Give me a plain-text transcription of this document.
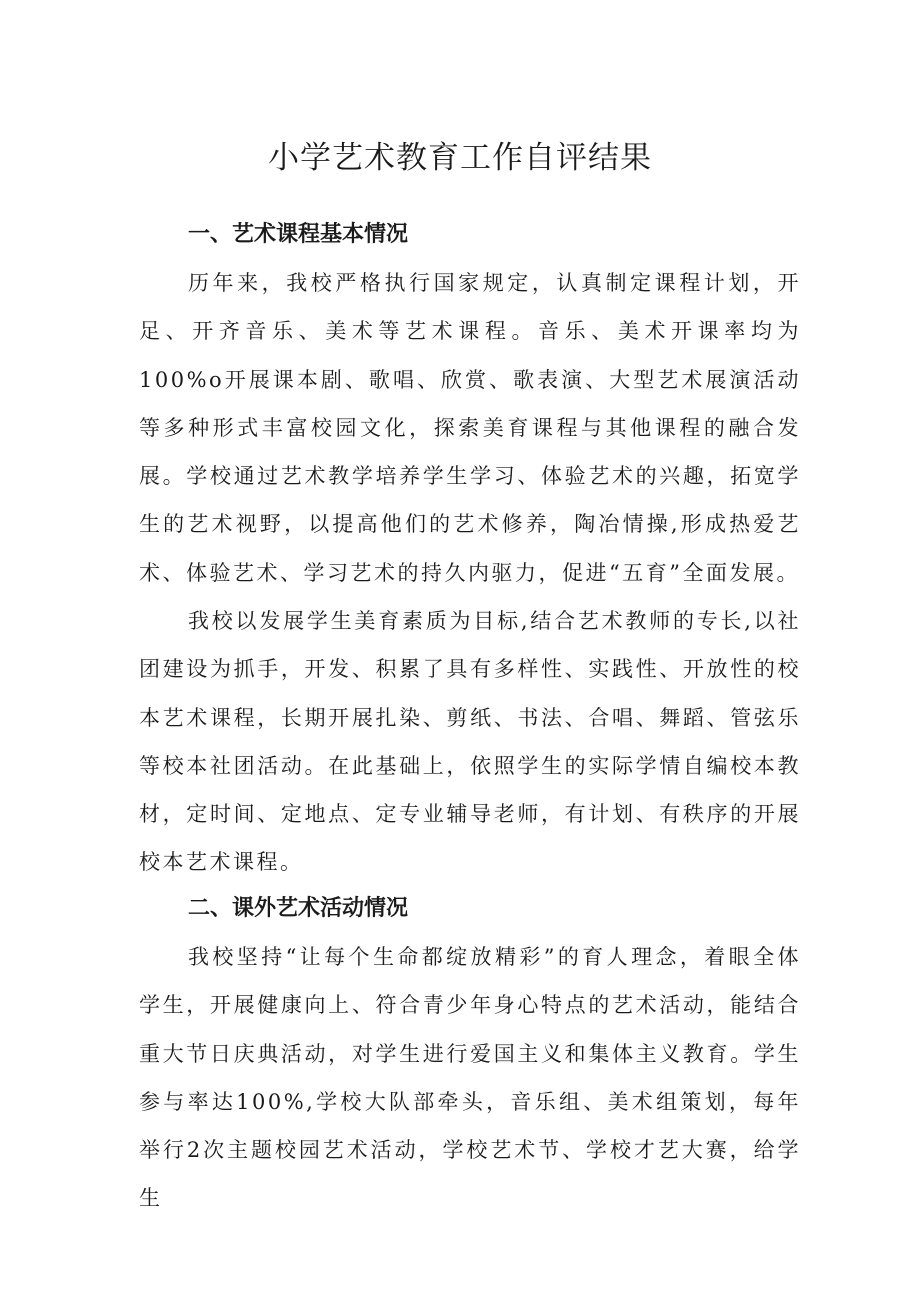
小学艺术教育工作自评结果
一、艺术课程基本情况

历年来，我校严格执行国家规定，认真制定课程计划，开足、开齐音乐、美术等艺术课程。音乐、美术开课率均为100%o开展课本剧、歌唱、欣赏、歌表演、大型艺术展演活动等多种形式丰富校园文化，探索美育课程与其他课程的融合发展。学校通过艺术教学培养学生学习、体验艺术的兴趣，拓宽学生的艺术视野，以提高他们的艺术修养，陶冶情操,形成热爱艺术、体验艺术、学习艺术的持久内驱力，促进“五育”全面发展。

我校以发展学生美育素质为目标,结合艺术教师的专长,以社团建设为抓手，开发、积累了具有多样性、实践性、开放性的校本艺术课程，长期开展扎染、剪纸、书法、合唱、舞蹈、管弦乐等校本社团活动。在此基础上，依照学生的实际学情自编校本教材，定时间、定地点、定专业辅导老师，有计划、有秩序的开展校本艺术课程。

二、课外艺术活动情况

我校坚持“让每个生命都绽放精彩”的育人理念，着眼全体学生，开展健康向上、符合青少年身心特点的艺术活动，能结合重大节日庆典活动，对学生进行爱国主义和集体主义教育。学生参与率达100%,学校大队部牵头，音乐组、美术组策划，每年举行2次主题校园艺术活动，学校艺术节、学校才艺大赛，给学生
